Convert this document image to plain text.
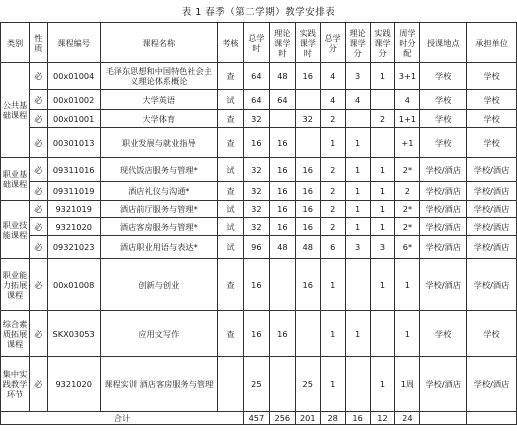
表 1 春季（第二学期）教学安排表
类别	性质	课程编号	课程名称	考核	总学时	理论课学时	实践课学时	总学分	理论课学分	实践课学分	周学时分配	授课地点	承担单位
公共基础课程	必	00x01004	毛泽东思想和中国特色社会主义理论体系概论	查	64	48	16	4	3	1	3+1	学校	学校
	必	00x01002	大学英语	试	64	64		4	4		4	学校	学校
	必	00x01001	大学体育	查	32		32	2		2	1+1	学校	学校
	必	00301013	职业发展与就业指导	查	16	16		1	1		+1	学校	学校
职业基础课程	必	09311016	现代饭店服务与管理*	试	32	16	16	2	1	1	2*	学校/酒店	学校/酒店
	必	09311019	酒店礼仪与沟通*	查	32	16	16	2	1	1	2	学校/酒店	学校/酒店
职业技能课程	必	9321019	酒店前厅服务与管理*	试	32	16	16	2	1	1	2*	学校/酒店	学校/酒店
	必	9321020	酒店客房服务与管理*	试	32	16	16	2	1	1	2*	学校/酒店	学校/酒店
	必	09321023	酒店职业用语与表达*	试	96	48	48	6	3	3	6*	学校/酒店	学校/酒店
职业能力拓展课程	必	00x01008	创新与创业	查	16		16	1		1	1	学校/酒店	学校/酒店
综合素质拓展课程	必	SKX03053	应用文写作	查	16	16		1	1		1	学校	学校
集中实践教学环节	必	9321020	课程实训 酒店客房服务与管理		25		25	1		1	1周	学校/酒店	学校/酒店
合计					457	256	201	28	16	12	24		
